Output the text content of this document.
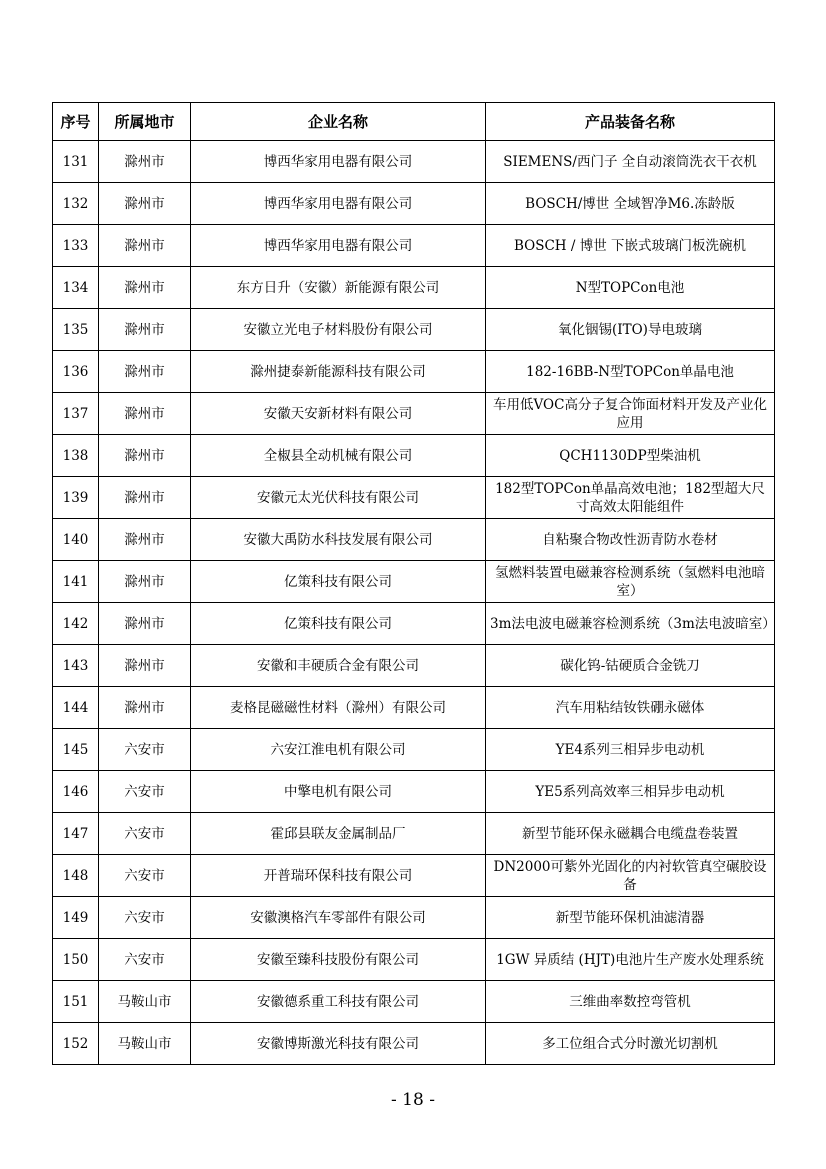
序号	所属地市	企业名称	产品装备名称
131	滁州市	博西华家用电器有限公司	SIEMENS/西门子 全自动滚筒洗衣干衣机
132	滁州市	博西华家用电器有限公司	BOSCH/博世 全域智净M6.冻龄版
133	滁州市	博西华家用电器有限公司	BOSCH / 博世 下嵌式玻璃门板洗碗机
134	滁州市	东方日升（安徽）新能源有限公司	N型TOPCon电池
135	滁州市	安徽立光电子材料股份有限公司	氧化铟锡(ITO)导电玻璃
136	滁州市	滁州捷泰新能源科技有限公司	182-16BB-N型TOPCon单晶电池
137	滁州市	安徽天安新材料有限公司	车用低VOC高分子复合饰面材料开发及产业化应用
138	滁州市	全椒县全动机械有限公司	QCH1130DP型柴油机
139	滁州市	安徽元太光伏科技有限公司	182型TOPCon单晶高效电池；182型超大尺寸高效太阳能组件
140	滁州市	安徽大禹防水科技发展有限公司	自粘聚合物改性沥青防水卷材
141	滁州市	亿策科技有限公司	氢燃料装置电磁兼容检测系统（氢燃料电池暗室）
142	滁州市	亿策科技有限公司	3m法电波电磁兼容检测系统（3m法电波暗室）
143	滁州市	安徽和丰硬质合金有限公司	碳化钨-钴硬质合金铣刀
144	滁州市	麦格昆磁磁性材料（滁州）有限公司	汽车用粘结钕铁硼永磁体
145	六安市	六安江淮电机有限公司	YE4系列三相异步电动机
146	六安市	中擎电机有限公司	YE5系列高效率三相异步电动机
147	六安市	霍邱县联友金属制品厂	新型节能环保永磁耦合电缆盘卷装置
148	六安市	开普瑞环保科技有限公司	DN2000可紫外光固化的内衬软管真空碾胶设备
149	六安市	安徽澳格汽车零部件有限公司	新型节能环保机油滤清器
150	六安市	安徽至臻科技股份有限公司	1GW 异质结 (HJT)电池片生产废水处理系统
151	马鞍山市	安徽德系重工科技有限公司	三维曲率数控弯管机
152	马鞍山市	安徽博斯激光科技有限公司	多工位组合式分时激光切割机
- 18 -
